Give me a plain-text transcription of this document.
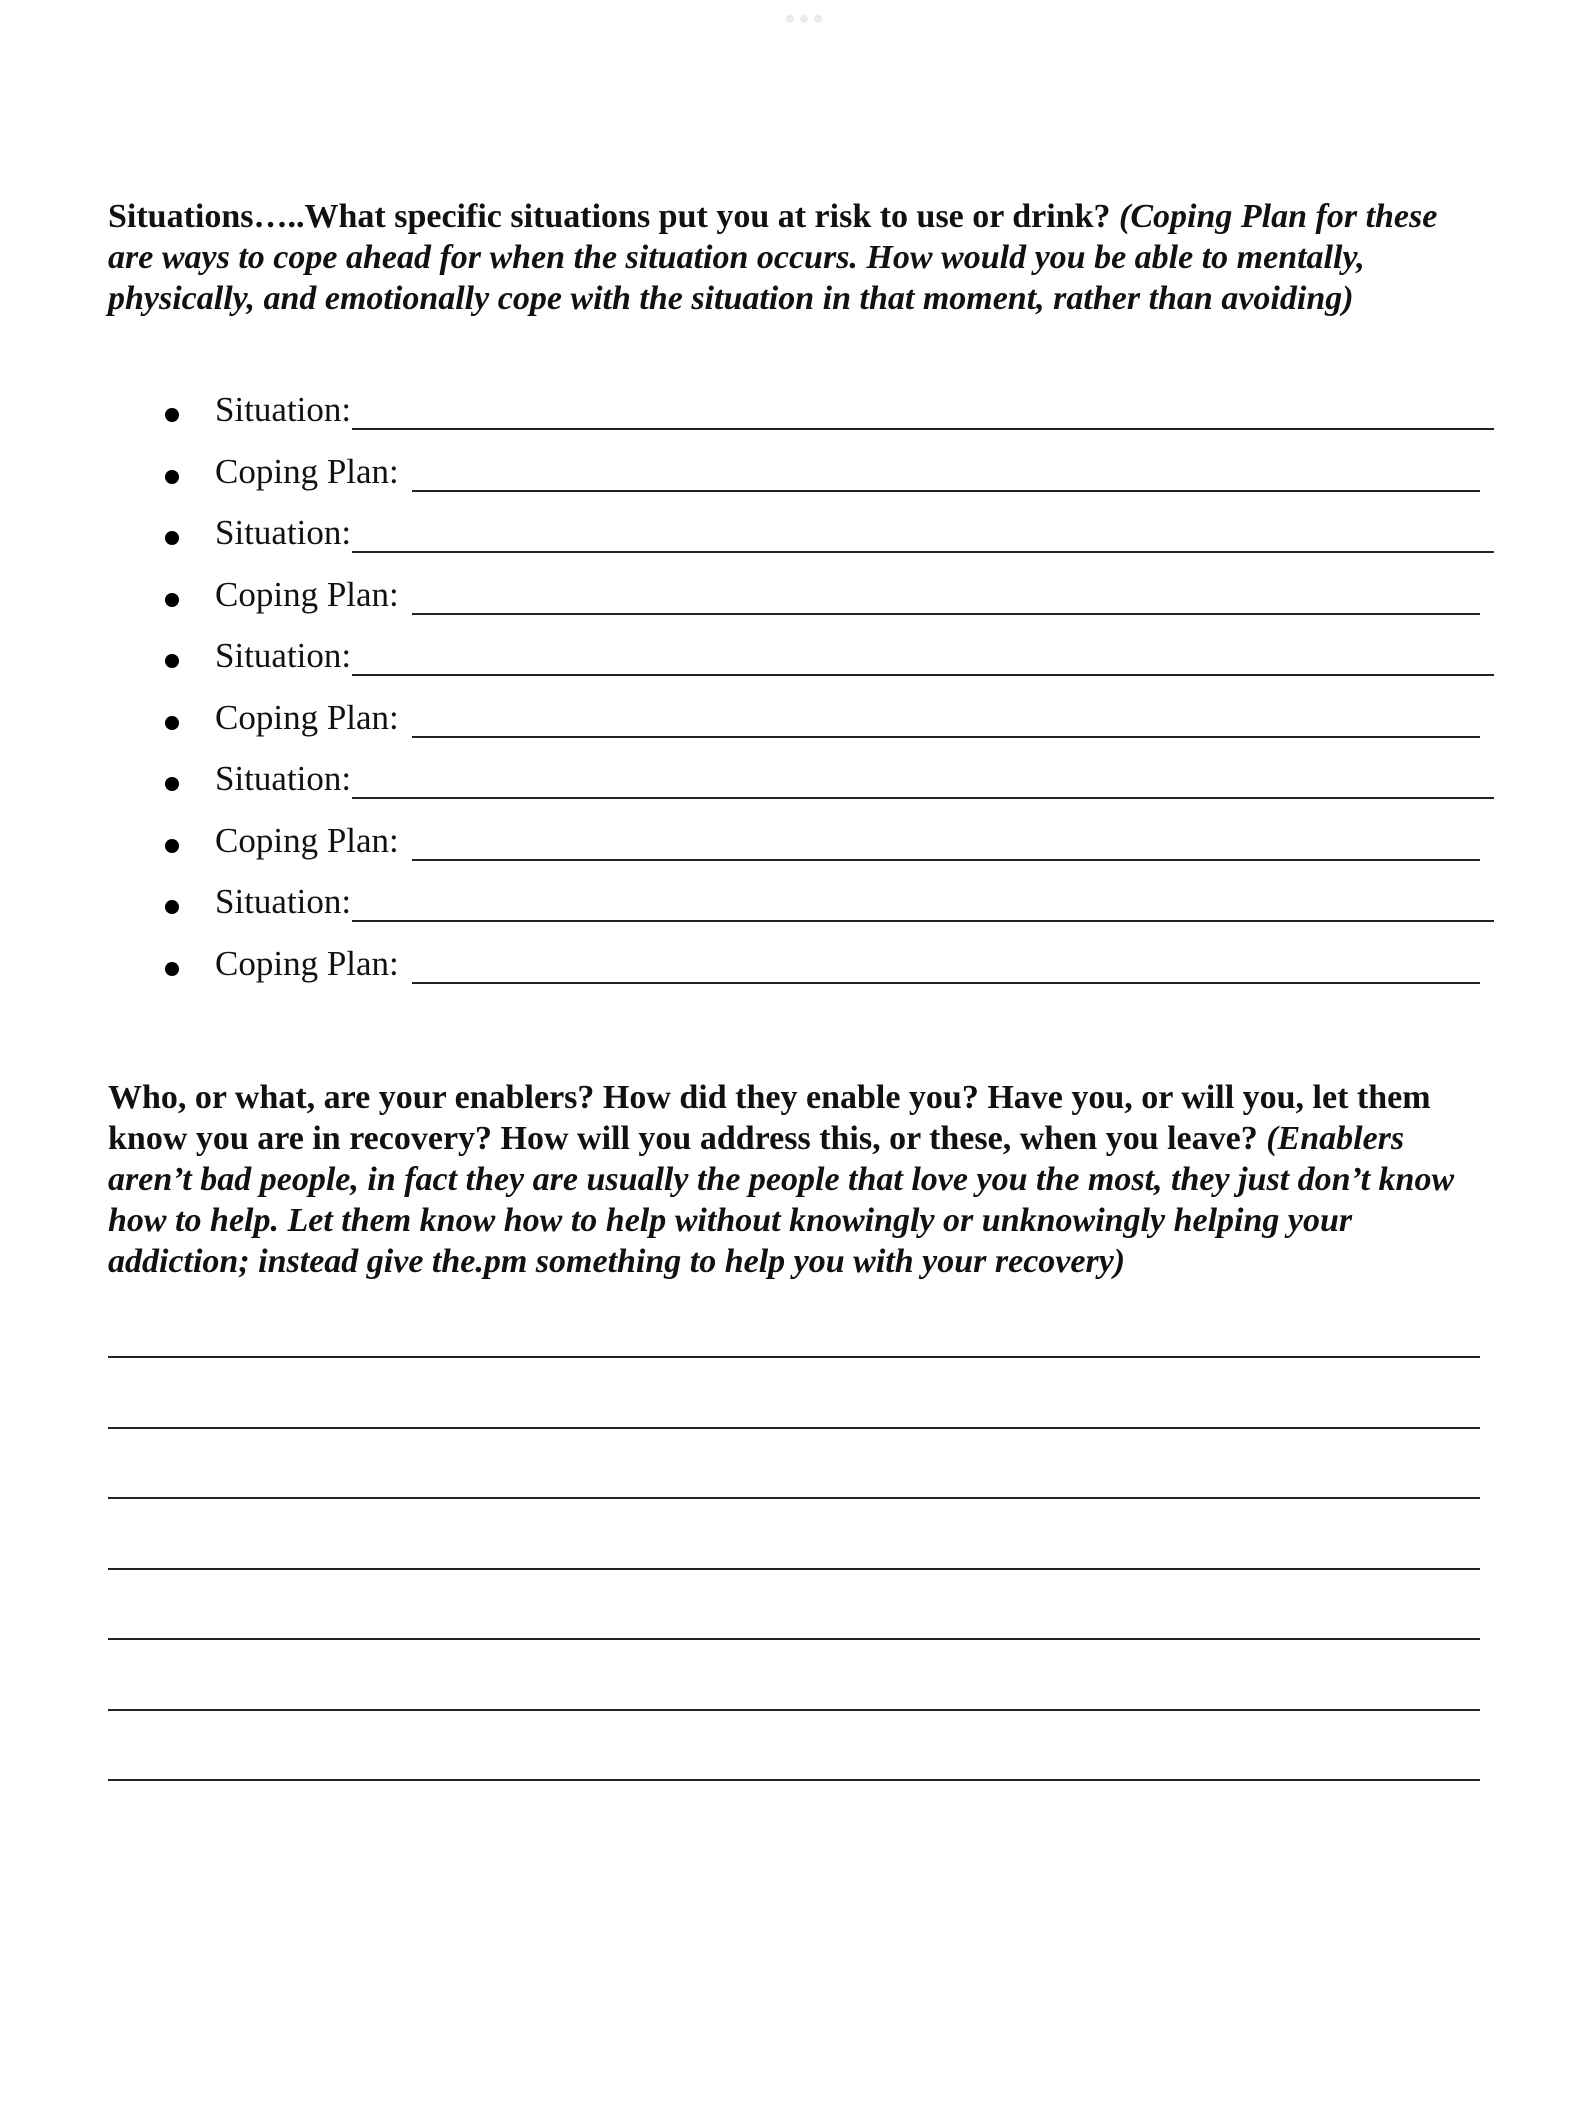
Situations…..What specific situations put you at risk to use or drink? (Coping Plan for these are ways to cope ahead for when the situation occurs. How would you be able to mentally, physically, and emotionally cope with the situation in that moment, rather than avoiding)
Situation:
Coping Plan:
Situation:
Coping Plan:
Situation:
Coping Plan:
Situation:
Coping Plan:
Situation:
Coping Plan:
Who, or what, are your enablers? How did they enable you? Have you, or will you, let them know you are in recovery? How will you address this, or these, when you leave? (Enablers aren’t bad people, in fact they are usually the people that love you the most, they just don’t know how to help. Let them know how to help without knowingly or unknowingly helping your addiction; instead give the.pm something to help you with your recovery)
